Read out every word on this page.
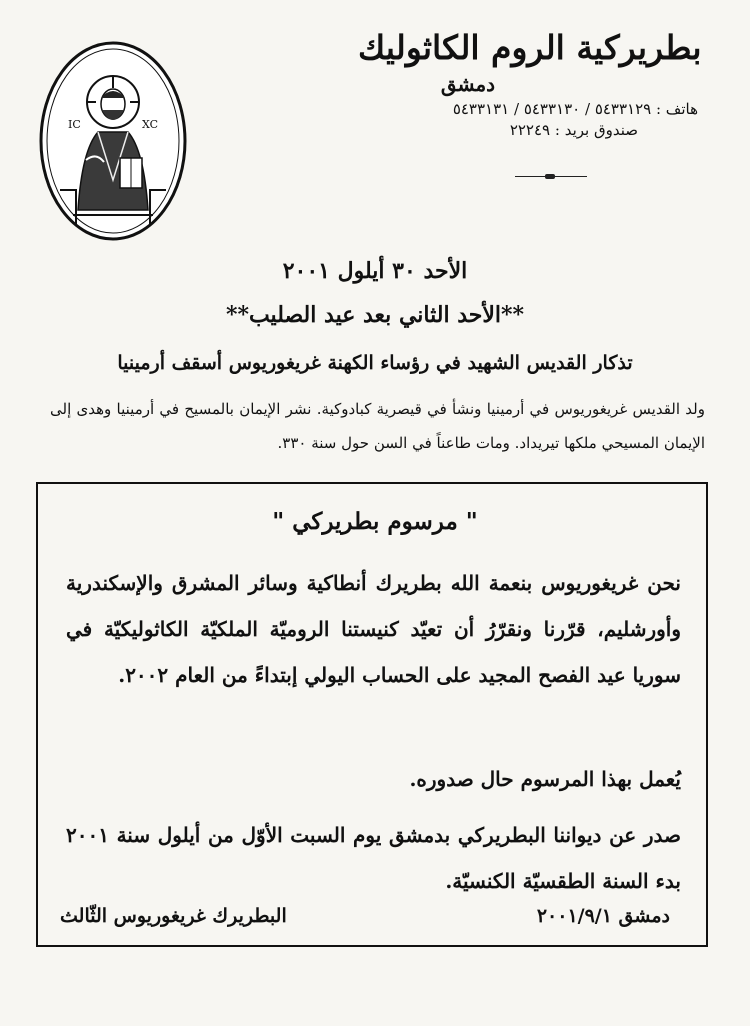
IC	XC
بطريركية الروم الكاثوليك
دمشق
هاتف : ٥٤٣٣١٢٩ / ٥٤٣٣١٣٠ / ٥٤٣٣١٣١
صندوق بريد : ٢٢٢٤٩
الأحد ٣٠ أيلول ٢٠٠١
**الأحد الثاني بعد عيد الصليب**
تذكار القديس الشهيد في رؤساء الكهنة غريغوريوس أسقف أرمينيا
ولد القديس غريغوريوس في أرمينيا ونشأ في قيصرية كبادوكية. نشر الإيمان بالمسيح في أرمينيا وهدى إلى الإيمان المسيحي ملكها تيريداد. ومات طاعناً في السن حول سنة ٣٣٠.
" مرسوم بطريركي "
نحن غريغوريوس بنعمة الله بطريرك أنطاكية وسائر المشرق والإسكندرية وأورشليم، قرّرنا ونقرّرُ أن تعيّد كنيستنا الروميّة الملكيّة الكاثوليكيّة في سوريا عيد الفصح المجيد على الحساب اليولي إبتداءً من العام ٢٠٠٢.
يُعمل بهذا المرسوم حال صدوره.
صدر عن ديواننا البطريركي بدمشق يوم السبت الأوّل من أيلول سنة ٢٠٠١ بدء السنة الطقسيّة الكنسيّة.
دمشق ٢٠٠١/٩/١
البطريرك غريغوريوس الثّالث
